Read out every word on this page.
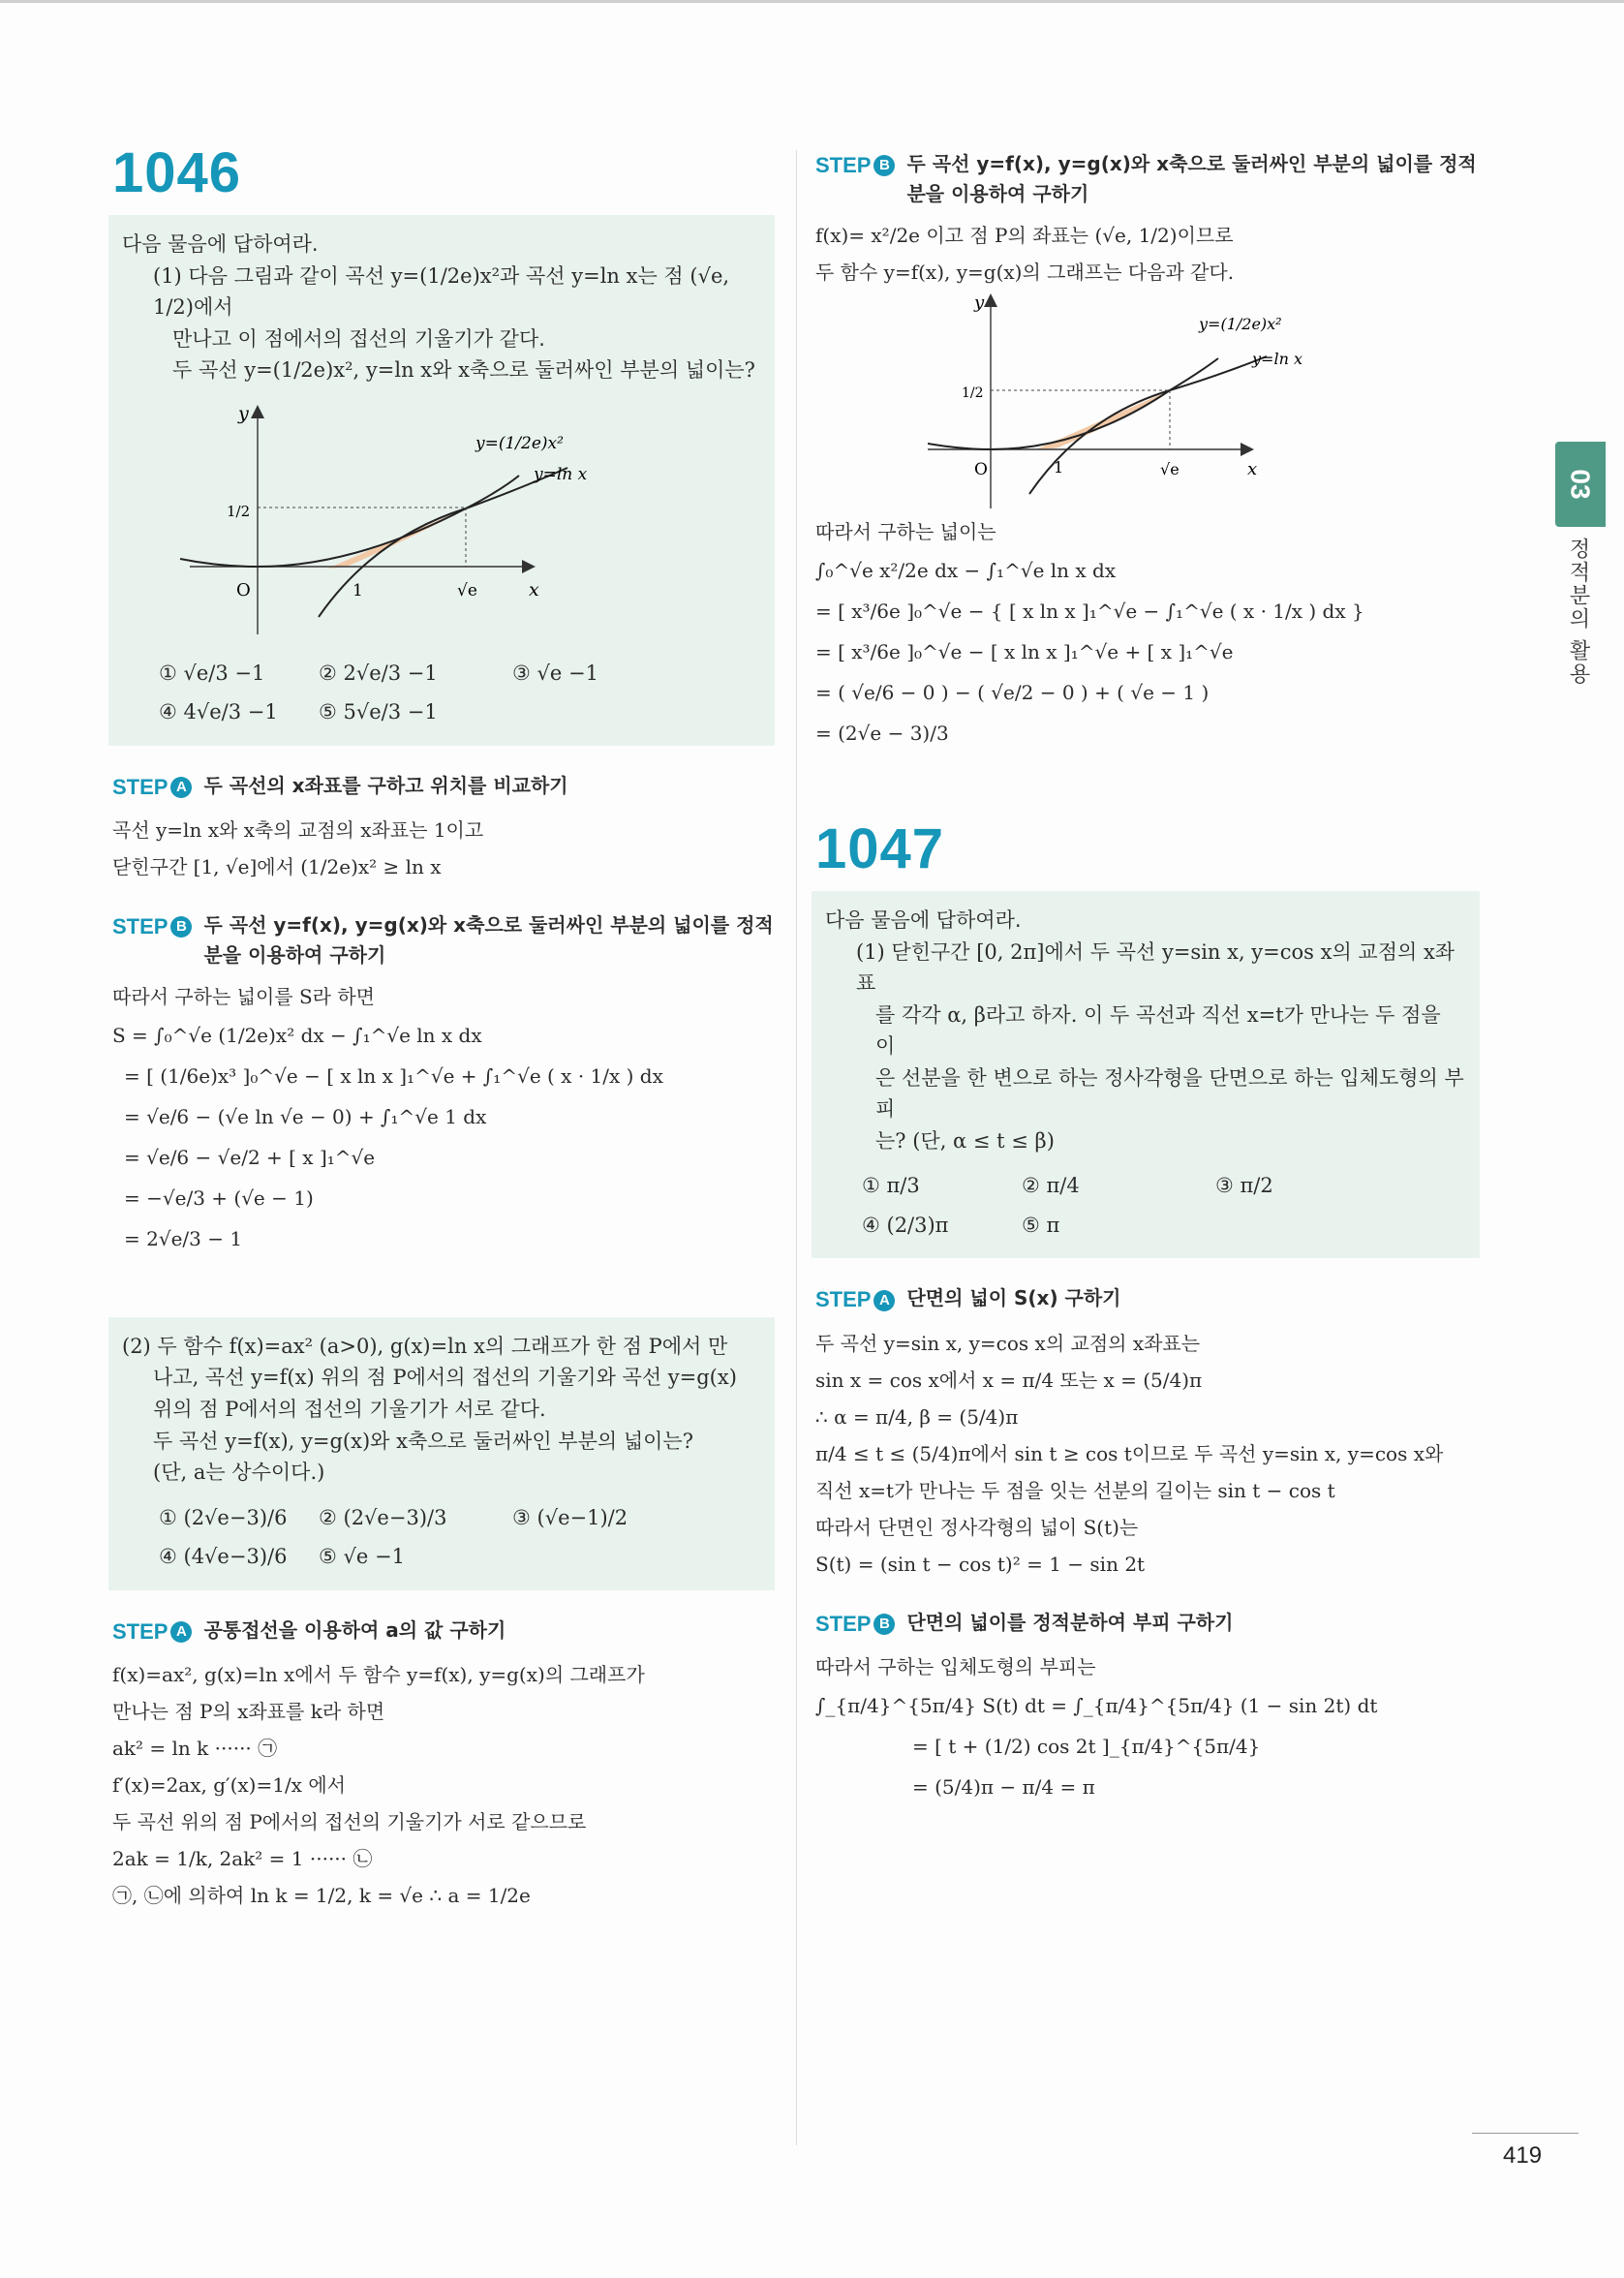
1046

다음 물음에 답하여라.

(1) 다음 그림과 같이 곡선 y=(1/2e)x²과 곡선 y=ln x는 점 (√e, 1/2)에서

만나고 이 점에서의 접선의 기울기가 같다.

두 곡선 y=(1/2e)x², y=ln x와 x축으로 둘러싸인 부분의 넓이는?

y
x
O
1/2
1	√e
y=(1/2e)x²
y=ln x
① √e/3 −1	② 2√e/3 −1	③ √e −1
④ 4√e/3 −1	⑤ 5√e/3 −1
STEP A 두 곡선의 x좌표를 구하고 위치를 비교하기

곡선 y=ln x와 x축의 교점의 x좌표는 1이고

닫힌구간 [1, √e]에서 (1/2e)x² ≥ ln x

STEP B 두 곡선 y=f(x), y=g(x)와 x축으로 둘러싸인 부분의 넓이를 정적분을 이용하여 구하기

따라서 구하는 넓이를 S라 하면

S = ∫₀^√e (1/2e)x² dx − ∫₁^√e ln x dx

= [ (1/6e)x³ ]₀^√e − [ x ln x ]₁^√e + ∫₁^√e ( x · 1/x ) dx

= √e/6 − (√e ln √e − 0) + ∫₁^√e 1 dx

= √e/6 − √e/2 + [ x ]₁^√e

= −√e/3 + (√e − 1)

= 2√e/3 − 1

(2) 두 함수 f(x)=ax² (a>0), g(x)=ln x의 그래프가 한 점 P에서 만

나고, 곡선 y=f(x) 위의 점 P에서의 접선의 기울기와 곡선 y=g(x)

위의 점 P에서의 접선의 기울기가 서로 같다.

두 곡선 y=f(x), y=g(x)와 x축으로 둘러싸인 부분의 넓이는?

(단, a는 상수이다.)

① (2√e−3)/6	② (2√e−3)/3	③ (√e−1)/2
④ (4√e−3)/6	⑤ √e −1
STEP A 공통접선을 이용하여 a의 값 구하기

f(x)=ax², g(x)=ln x에서 두 함수 y=f(x), y=g(x)의 그래프가

만나는 점 P의 x좌표를 k라 하면

ak² = ln k ······ ㉠

f′(x)=2ax, g′(x)=1/x 에서

두 곡선 위의 점 P에서의 접선의 기울기가 서로 같으므로

2ak = 1/k, 2ak² = 1 ······ ㉡

㉠, ㉡에 의하여 ln k = 1/2, k = √e ∴ a = 1/2e

STEP B 두 곡선 y=f(x), y=g(x)와 x축으로 둘러싸인 부분의 넓이를 정적분을 이용하여 구하기

f(x)= x²/2e 이고 점 P의 좌표는 (√e, 1/2)이므로

두 함수 y=f(x), y=g(x)의 그래프는 다음과 같다.

y
x
O
1/2
1	√e
y=(1/2e)x²
y=ln x

따라서 구하는 넓이는

∫₀^√e x²/2e dx − ∫₁^√e ln x dx

= [ x³/6e ]₀^√e − { [ x ln x ]₁^√e − ∫₁^√e ( x · 1/x ) dx }

= [ x³/6e ]₀^√e − [ x ln x ]₁^√e + [ x ]₁^√e

= ( √e/6 − 0 ) − ( √e/2 − 0 ) + ( √e − 1 )

= (2√e − 3)/3

1047

다음 물음에 답하여라.

(1) 닫힌구간 [0, 2π]에서 두 곡선 y=sin x, y=cos x의 교점의 x좌표

를 각각 α, β라고 하자. 이 두 곡선과 직선 x=t가 만나는 두 점을 이

은 선분을 한 변으로 하는 정사각형을 단면으로 하는 입체도형의 부피

는? (단, α ≤ t ≤ β)

① π/3	② π/4	③ π/2
④ (2/3)π	⑤ π
STEP A 단면의 넓이 S(x) 구하기

두 곡선 y=sin x, y=cos x의 교점의 x좌표는

sin x = cos x에서 x = π/4 또는 x = (5/4)π

∴ α = π/4, β = (5/4)π

π/4 ≤ t ≤ (5/4)π에서 sin t ≥ cos t이므로 두 곡선 y=sin x, y=cos x와

직선 x=t가 만나는 두 점을 잇는 선분의 길이는 sin t − cos t

따라서 단면인 정사각형의 넓이 S(t)는

S(t) = (sin t − cos t)² = 1 − sin 2t

STEP B 단면의 넓이를 정적분하여 부피 구하기

따라서 구하는 입체도형의 부피는

∫_{π/4}^{5π/4} S(t) dt = ∫_{π/4}^{5π/4} (1 − sin 2t) dt

= [ t + (1/2) cos 2t ]_{π/4}^{5π/4}

= (5/4)π − π/4 = π

03
정적분의 활용
419
